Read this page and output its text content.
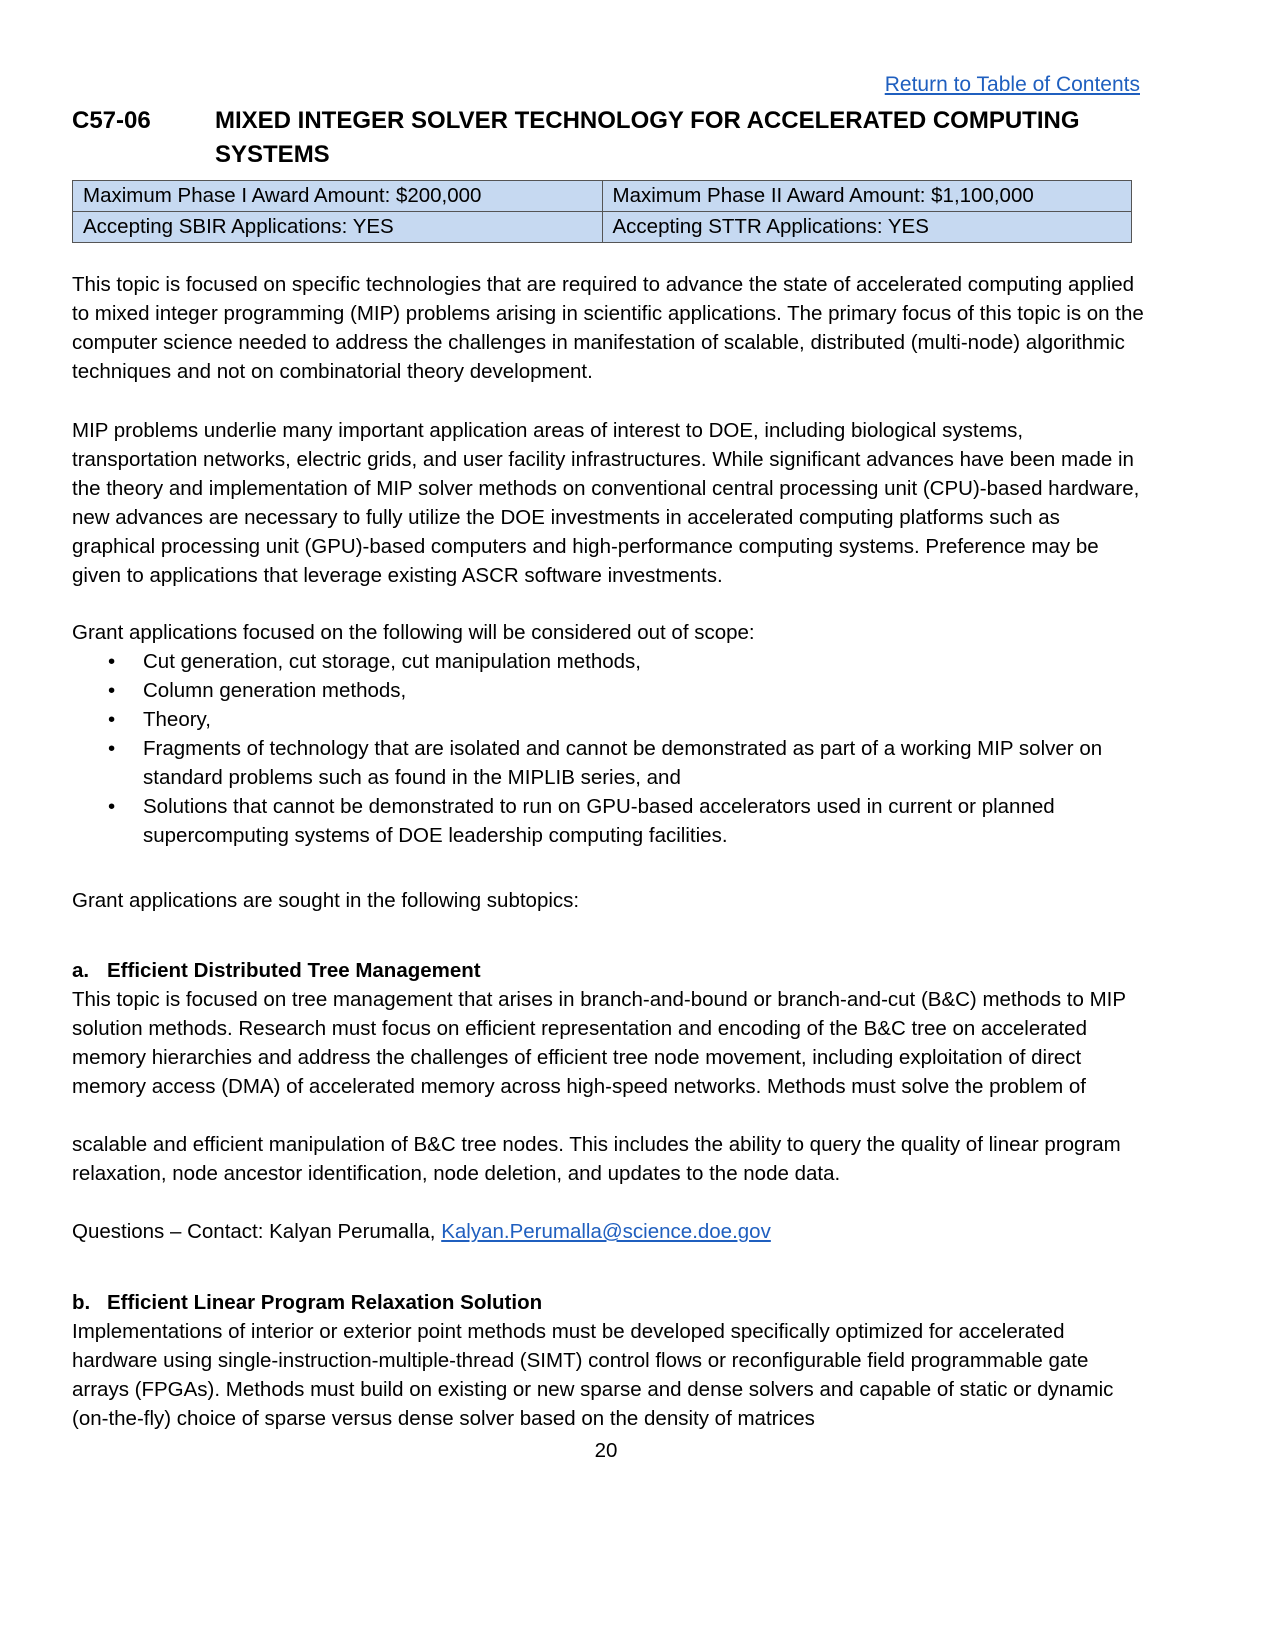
Return to Table of Contents
C57-06	MIXED INTEGER SOLVER TECHNOLOGY FOR ACCELERATED COMPUTING SYSTEMS
Maximum Phase I Award Amount: $200,000	Maximum Phase II Award Amount: $1,100,000
Accepting SBIR Applications: YES	Accepting STTR Applications: YES

This topic is focused on specific technologies that are required to advance the state of accelerated computing applied to mixed integer programming (MIP) problems arising in scientific applications. The primary focus of this topic is on the computer science needed to address the challenges in manifestation of scalable, distributed (multi-node) algorithmic techniques and not on combinatorial theory development.

MIP problems underlie many important application areas of interest to DOE, including biological systems, transportation networks, electric grids, and user facility infrastructures. While significant advances have been made in the theory and implementation of MIP solver methods on conventional central processing unit (CPU)-based hardware, new advances are necessary to fully utilize the DOE investments in accelerated computing platforms such as graphical processing unit (GPU)-based computers and high-performance computing systems. Preference may be given to applications that leverage existing ASCR software investments.

Grant applications focused on the following will be considered out of scope:

• Cut generation, cut storage, cut manipulation methods,
• Column generation methods,
• Theory,
• Fragments of technology that are isolated and cannot be demonstrated as part of a working MIP solver on standard problems such as found in the MIPLIB series, and
• Solutions that cannot be demonstrated to run on GPU-based accelerators used in current or planned supercomputing systems of DOE leadership computing facilities.

Grant applications are sought in the following subtopics:

a. Efficient Distributed Tree Management

This topic is focused on tree management that arises in branch-and-bound or branch-and-cut (B&C) methods to MIP solution methods. Research must focus on efficient representation and encoding of the B&C tree on accelerated memory hierarchies and address the challenges of efficient tree node movement, including exploitation of direct memory access (DMA) of accelerated memory across high-speed networks. Methods must solve the problem of

scalable and efficient manipulation of B&C tree nodes. This includes the ability to query the quality of linear program relaxation, node ancestor identification, node deletion, and updates to the node data.

Questions – Contact: Kalyan Perumalla, Kalyan.Perumalla@science.doe.gov

b. Efficient Linear Program Relaxation Solution

Implementations of interior or exterior point methods must be developed specifically optimized for accelerated hardware using single-instruction-multiple-thread (SIMT) control flows or reconfigurable field programmable gate arrays (FPGAs). Methods must build on existing or new sparse and dense solvers and capable of static or dynamic (on-the-fly) choice of sparse versus dense solver based on the density of matrices

20
